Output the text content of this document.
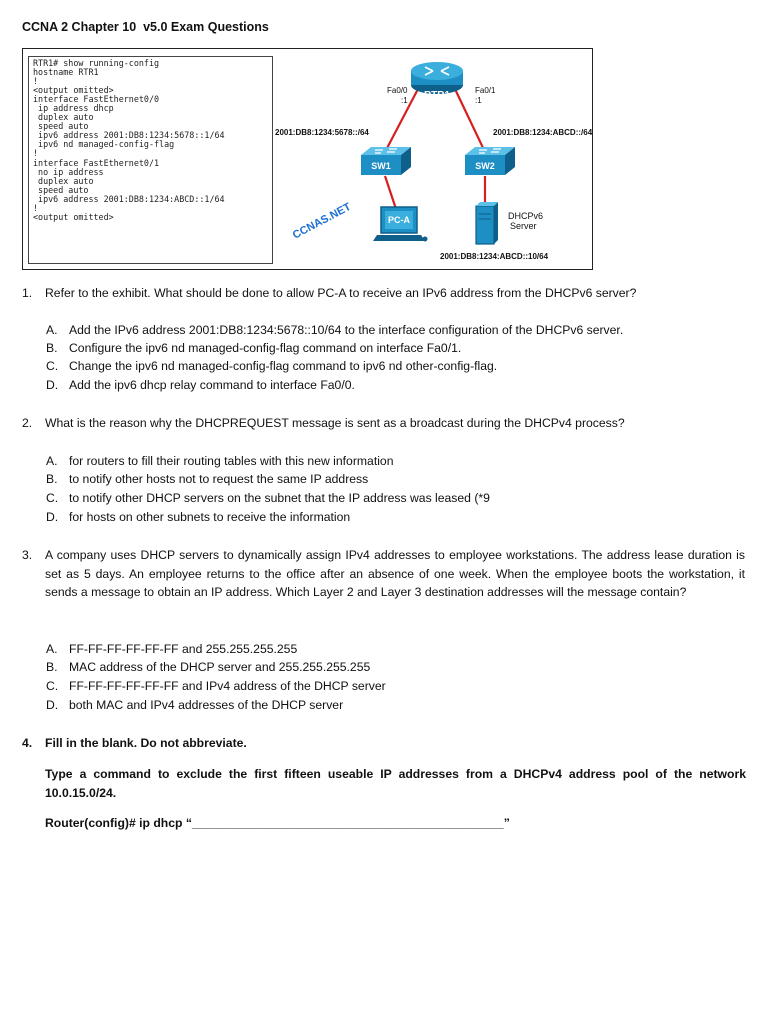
CCNA 2 Chapter 10  v5.0 Exam Questions
RTR1# show running-config
hostname RTR1
!
<output omitted>
interface FastEthernet0/0
ip address dhcp
duplex auto
speed auto
ipv6 address 2001:DB8:1234:5678::1/64
ipv6 nd managed-config-flag
!
interface FastEthernet0/1
no ip address
duplex auto
speed auto
ipv6 address 2001:DB8:1234:ABCD::1/64
!
<output omitted>
RTR1
Fa0/0
:1
Fa0/1
:1
2001:DB8:1234:5678::/64	2001:DB8:1234:ABCD::/64
SW1	SW2
PC-A	DHCPv6
Server
2001:DB8:1234:ABCD::10/64
CCNAS.NET
1.	Refer to the exhibit. What should be done to allow PC-A to receive an IPv6 address from the DHCPv6 server?
A. Add the IPv6 address 2001:DB8:1234:5678::10/64 to the interface configuration of the DHCPv6 server.
B. Configure the ipv6 nd managed-config-flag command on interface Fa0/1.
C. Change the ipv6 nd managed-config-flag command to ipv6 nd other-config-flag.
D. Add the ipv6 dhcp relay command to interface Fa0/0.
2.	What is the reason why the DHCPREQUEST message is sent as a broadcast during the DHCPv4 process?
A. for routers to fill their routing tables with this new information
B. to notify other hosts not to request the same IP address
C. to notify other DHCP servers on the subnet that the IP address was leased (*9
D. for hosts on other subnets to receive the information
3.	A company uses DHCP servers to dynamically assign IPv4 addresses to employee workstations. The address lease duration is set as 5 days. An employee returns to the office after an absence of one week. When the employee boots the workstation, it sends a message to obtain an IP address. Which Layer 2 and Layer 3 destination addresses will the message contain?
A. FF-FF-FF-FF-FF-FF and 255.255.255.255
B. MAC address of the DHCP server and 255.255.255.255
C. FF-FF-FF-FF-FF-FF and IPv4 address of the DHCP server
D. both MAC and IPv4 addresses of the DHCP server
4.	Fill in the blank. Do not abbreviate.
Type a command to exclude the first fifteen useable IP addresses from a DHCPv4 address pool of the network 10.0.15.0/24.
Router(config)# ip dhcp “______________________________________________”
